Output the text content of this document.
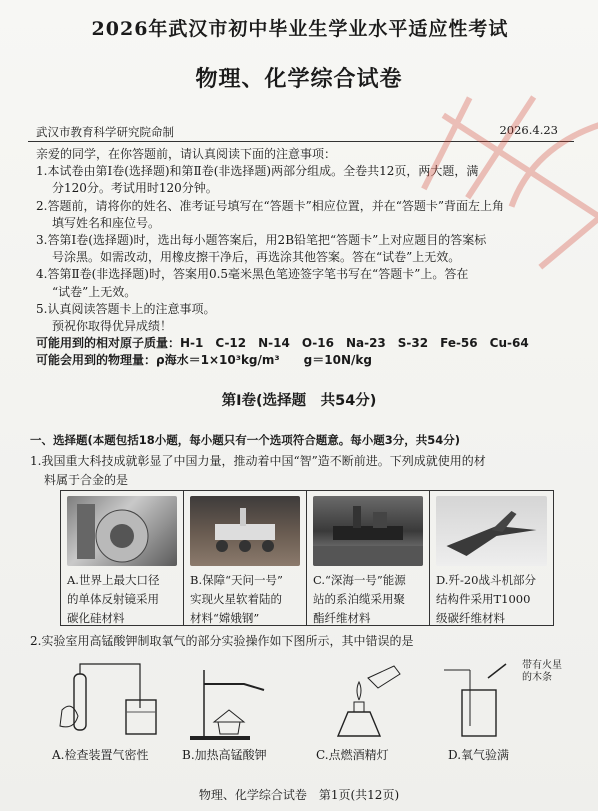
2026年武汉市初中毕业生学业水平适应性考试
物理、化学综合试卷
武汉市教育科学研究院命制	2026.4.23

亲爱的同学，在你答题前，请认真阅读下面的注意事项：

1.本试卷由第Ⅰ卷(选择题)和第Ⅱ卷(非选择题)两部分组成。全卷共12页，两大题，满

分120分。考试用时120分钟。

2.答题前，请将你的姓名、准考证号填写在“答题卡”相应位置，并在“答题卡”背面左上角

填写姓名和座位号。

3.答第Ⅰ卷(选择题)时，选出每小题答案后，用2B铅笔把“答题卡”上对应题目的答案标

号涂黑。如需改动，用橡皮擦干净后，再选涂其他答案。答在“试卷”上无效。

4.答第Ⅱ卷(非选择题)时，答案用0.5毫米黑色笔迹签字笔书写在“答题卡”上。答在

“试卷”上无效。

5.认真阅读答题卡上的注意事项。

预祝你取得优异成绩！

可能用到的相对原子质量：H-1　C-12　N-14　O-16　Na-23　S-32　Fe-56　Cu-64

可能会用到的物理量：ρ海水＝1×10³kg/m³　　g＝10N/kg

第Ⅰ卷(选择题　共54分)
一、选择题(本题包括18小题，每小题只有一个选项符合题意。每小题3分，共54分)

1.我国重大科技成就彰显了中国力量，推动着中国“智”造不断前进。下列成就使用的材

料属于合金的是

A.世界上最大口径
的单体反射镜采用
碳化硅材料
B.保障“天问一号”
实现火星软着陆的
材料“嫦娥钢”
C.“深海一号”能源
站的系泊缆采用聚
酯纤维材料
D.歼-20战斗机部分
结构件采用T1000
级碳纤维材料
2.实验室用高锰酸钾制取氧气的部分实验操作如下图所示，其中错误的是
A.检查装置气密性	B.加热高锰酸钾	C.点燃酒精灯
带有火星
的木条
D.氧气验满
物理、化学综合试卷　第1页(共12页)
